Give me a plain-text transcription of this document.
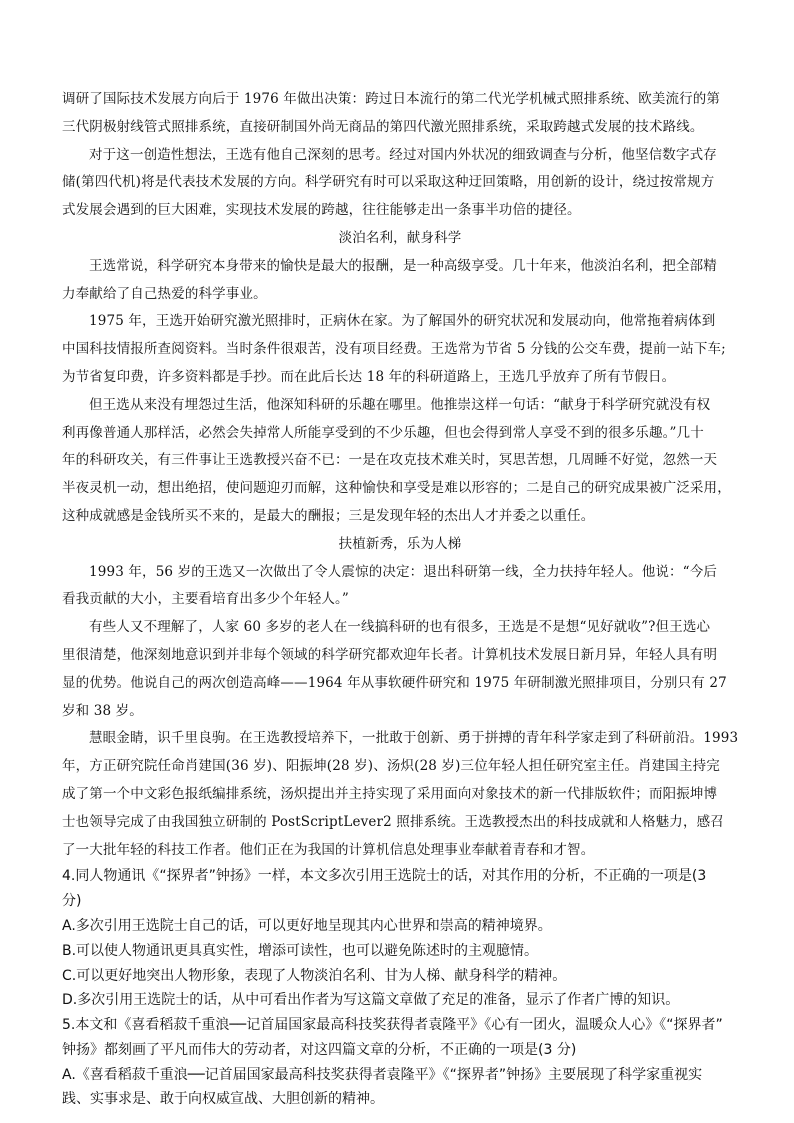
调研了国际技术发展方向后于 1976 年做出决策：跨过日本流行的第二代光学机械式照排系统、欧美流行的第

三代阴极射线管式照排系统，直接研制国外尚无商品的第四代激光照排系统，采取跨越式发展的技术路线。

对于这一创造性想法，王选有他自己深刻的思考。经过对国内外状况的细致调查与分析，他坚信数字式存

储(第四代机)将是代表技术发展的方向。科学研究有时可以采取这种迂回策略，用创新的设计，绕过按常规方

式发展会遇到的巨大困难，实现技术发展的跨越，往往能够走出一条事半功倍的捷径。

淡泊名利，献身科学

王选常说，科学研究本身带来的愉快是最大的报酬，是一种高级享受。几十年来，他淡泊名利，把全部精

力奉献给了自己热爱的科学事业。

1975 年，王选开始研究激光照排时，正病休在家。为了解国外的研究状况和发展动向，他常拖着病体到

中国科技情报所查阅资料。当时条件很艰苦，没有项目经费。王选常为节省 5 分钱的公交车费，提前一站下车;

为节省复印费，许多资料都是手抄。而在此后长达 18 年的科研道路上，王选几乎放弃了所有节假日。

但王选从来没有埋怨过生活，他深知科研的乐趣在哪里。他推崇这样一句话：“献身于科学研究就没有权

利再像普通人那样活，必然会失掉常人所能享受到的不少乐趣，但也会得到常人享受不到的很多乐趣。”几十

年的科研攻关，有三件事让王选教授兴奋不已：一是在攻克技术难关时，冥思苦想，几周睡不好觉，忽然一天

半夜灵机一动，想出绝招，使问题迎刃而解，这种愉快和享受是难以形容的；二是自己的研究成果被广泛采用，

这种成就感是金钱所买不来的，是最大的酬报；三是发现年轻的杰出人才并委之以重任。

扶植新秀，乐为人梯

1993 年，56 岁的王选又一次做出了令人震惊的决定：退出科研第一线，全力扶持年轻人。他说：“今后

看我贡献的大小，主要看培育出多少个年轻人。”

有些人又不理解了，人家 60 多岁的老人在一线搞科研的也有很多，王选是不是想“见好就收”?但王选心

里很清楚，他深刻地意识到并非每个领域的科学研究都欢迎年长者。计算机技术发展日新月异，年轻人具有明

显的优势。他说自己的两次创造高峰——1964 年从事软硬件研究和 1975 年研制激光照排项目，分别只有 27

岁和 38 岁。

慧眼金睛，识千里良驹。在王选教授培养下，一批敢于创新、勇于拼搏的青年科学家走到了科研前沿。1993

年，方正研究院任命肖建国(36 岁)、阳振坤(28 岁)、汤炽(28 岁)三位年轻人担任研究室主任。肖建国主持完

成了第一个中文彩色报纸编排系统，汤炽提出并主持实现了采用面向对象技术的新一代排版软件；而阳振坤博

士也领导完成了由我国独立研制的 PostScriptLever2 照排系统。王选教授杰出的科技成就和人格魅力，感召

了一大批年轻的科技工作者。他们正在为我国的计算机信息处理事业奉献着青春和才智。

4.同人物通讯《“探界者”钟扬》一样，本文多次引用王选院士的话，对其作用的分析，不正确的一项是(3

分)

A.多次引用王选院士自己的话，可以更好地呈现其内心世界和崇高的精神境界。

B.可以使人物通讯更具真实性，增添可读性，也可以避免陈述时的主观臆情。

C.可以更好地突出人物形象，表现了人物淡泊名利、甘为人梯、献身科学的精神。

D.多次引用王选院士的话，从中可看出作者为写这篇文章做了充足的准备，显示了作者广博的知识。

5.本文和《喜看稻菽千重浪──记首届国家最高科技奖获得者袁隆平》《心有一团火，温暖众人心》《“探界者”

钟扬》都刻画了平凡而伟大的劳动者，对这四篇文章的分析，不正确的一项是(3 分)

A.《喜看稻菽千重浪──记首届国家最高科技奖获得者袁隆平》《“探界者”钟扬》主要展现了科学家重视实

践、实事求是、敢于向权威宣战、大胆创新的精神。
